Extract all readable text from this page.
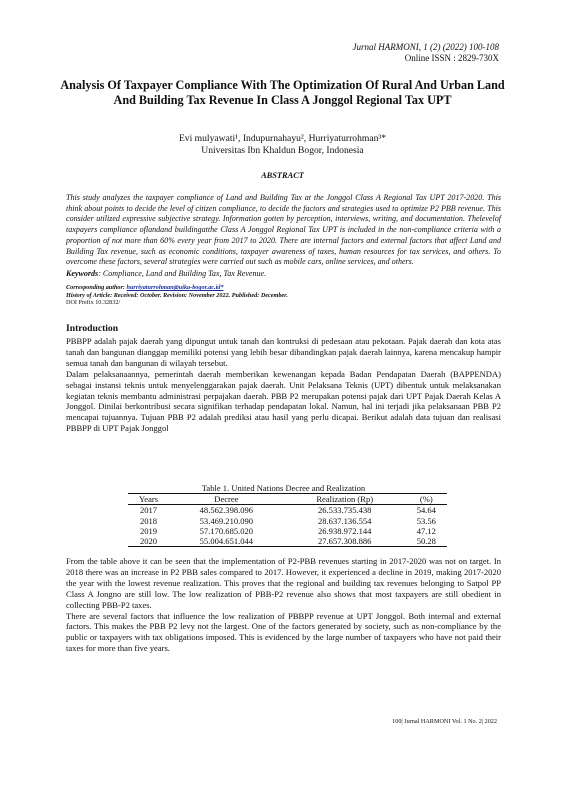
Jurnal HARMONI, 1 (2) (2022) 100-108
Online ISSN : 2829-730X
Analysis Of Taxpayer Compliance With The Optimization Of Rural And Urban Land And Building Tax Revenue In Class A Jonggol Regional Tax UPT
Evi mulyawati¹, Indupurnahayu², Hurriyaturrohman³*
Universitas Ibn Khaldun Bogor, Indonesia
ABSTRACT

This study analyzes the taxpayer compliance of Land and Building Tax at the Jonggol Class A Regional Tax UPT 2017-2020. This think about points to decide the level of citizen compliance, to decide the factors and strategies used to optimize P2 PBB revenue. This consider utilized expressive subjective strategy. Information gotten by perception, interviews, writing, and documentation. Thelevelof taxpayers compliance oflandand buildingatthe Class A Jonggol Regional Tax UPT is included in the non-compliance criteria with a proportion of not more than 60% every year from 2017 to 2020. There are internal factors and external factors that affect Land and Building Tax revenue, such as economic conditions, taxpayer awareness of taxes, human resources for tax services, and others. To overcome these factors, several strategies were carried out such as mobile cars, online services, and others.

Keywords: Compliance, Land and Building Tax, Tax Revenue.
Corresponding author: hurriyaturrohman@uika-bogor.ac.id*
History of Article: Received: October. Revision: November 2022. Published: December.
DOI Prefix 10.32832/
Introduction

PBBPP adalah pajak daerah yang dipungut untuk tanah dan kontruksi di pedesaan atau pekotaan. Pajak daerah dan kota atas tanah dan bangunan dianggap memiliki potensi yang lebih besar dibandingkan pajak daerah lainnya, karena mencakup hampir semua tanah dan bangunan di wilayah tersebut.

Dalam pelaksanaannya, pemerintah daerah memberikan kewenangan kepada Badan Pendapatan Daerah (BAPPENDA) sebagai instansi teknis untuk menyelenggarakan pajak daerah. Unit Pelaksana Teknis (UPT) dibentuk untuk melaksanakan kegiatan teknis membantu administrasi perpajakan daerah. PBB P2 merupakan potensi pajak dari UPT Pajak Daerah Kelas A Jonggol. Dinilai berkontribusi secara signifikan terhadap pendapatan lokal. Namun, hal ini terjadi jika pelaksanaan PBB P2 mencapai tujuannya. Tujuan PBB P2 adalah prediksi atau hasil yang perlu dicapai. Berikut adalah data tujuan dan realisasi PBBPP di UPT Pajak Jonggol

Table 1. United Nations Decree and Realization
Years	Decree	Realization (Rp)	(%)
2017	48.562.398.096	26.533.735.438	54.64
2018	53.469.210.090	28.637.136.554	53.56
2019	57.170.685.020	26.938.972.144	47.12
2020	55.004.651.044	27.657.308.886	50.28

From the table above it can be seen that the implementation of P2-PBB revenues starting in 2017-2020 was not on target. In 2018 there was an increase in P2 PBB sales compared to 2017. However, it experienced a decline in 2019, making 2017-2020 the year with the lowest revenue realization. This proves that the regional and building tax revenues belonging to Satpol PP Class A Jongno are still low. The low realization of PBB-P2 revenue also shows that most taxpayers are still obedient in collecting PBB-P2 taxes.

There are several factors that influence the low realization of PBBPP revenue at UPT Jonggol. Both internal and external factors. This makes the PBB P2 levy not the largest. One of the factors generated by society, such as non-compliance by the public or taxpayers with tax obligations imposed. This is evidenced by the large number of taxpayers who have not paid their taxes for more than five years.

100| Jurnal HARMONI Vol. 1 No. 2| 2022
